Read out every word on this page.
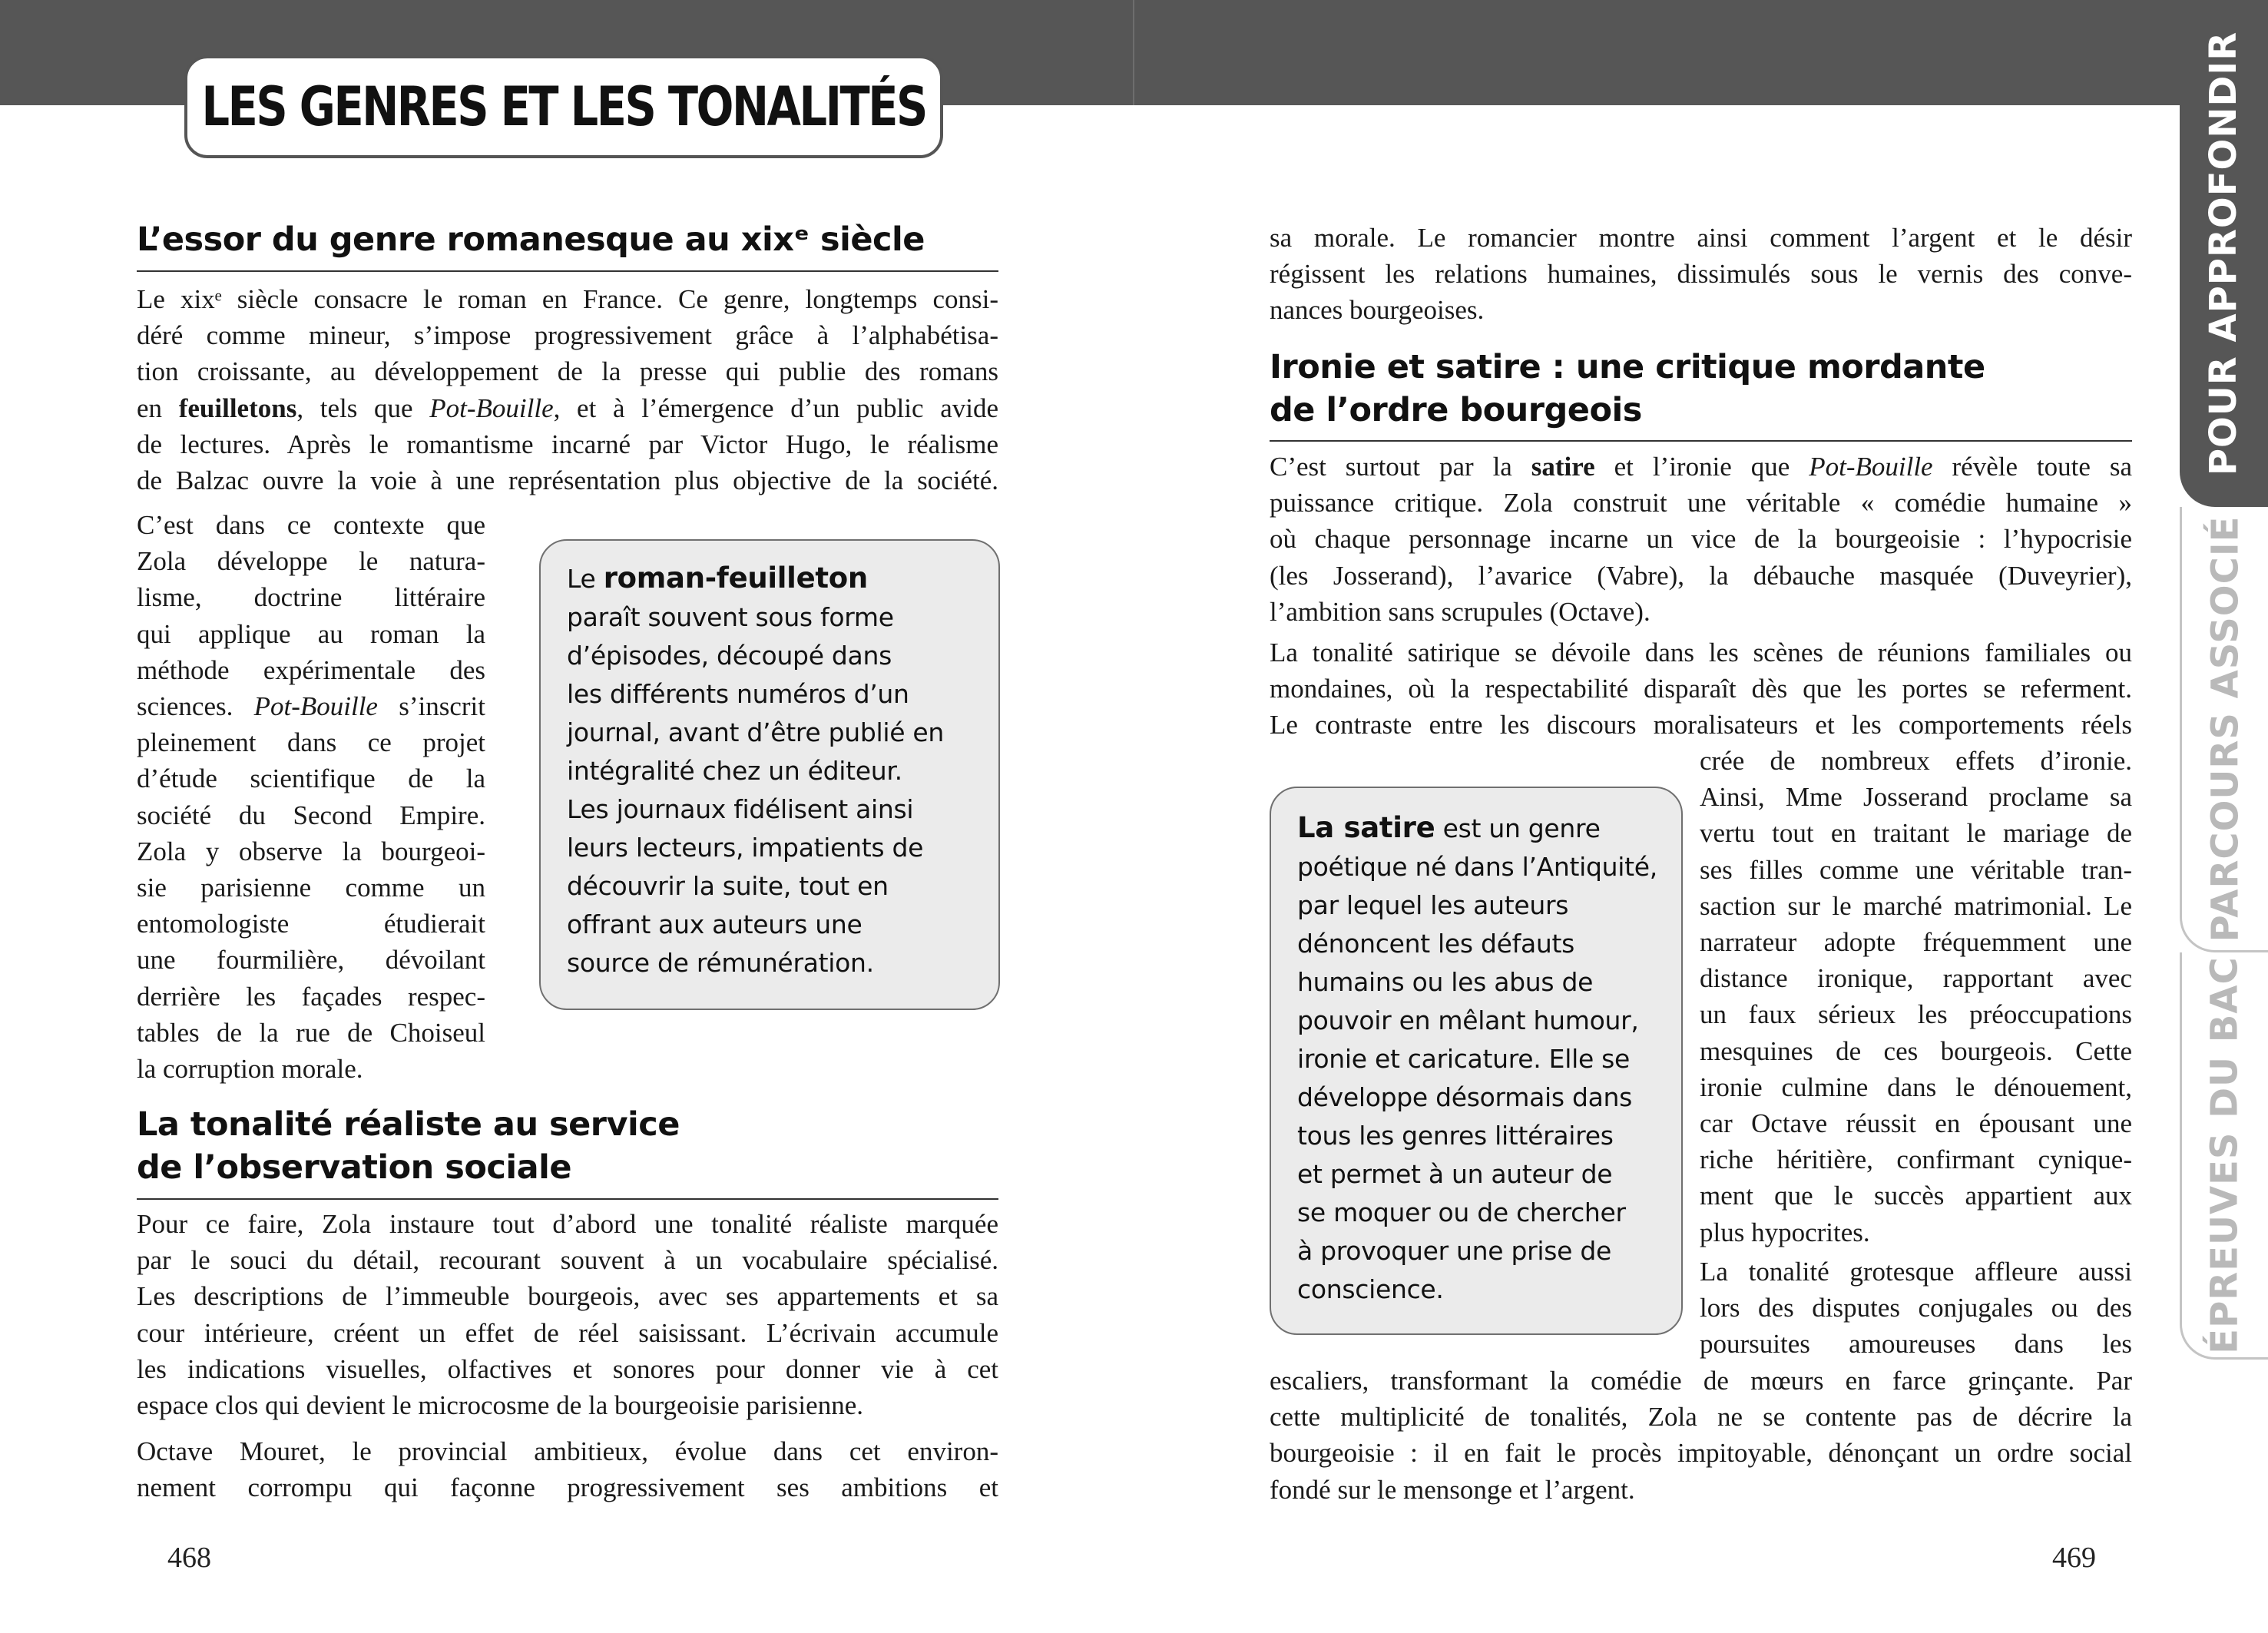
LES GENRES ET LES TONALITÉS
L’essor du genre romanesque au xixᵉ siècle
Le xixᵉ siècle consacre le roman en France. Ce genre, longtemps consi-
déré comme mineur, s’impose progressivement grâce à l’alphabétisa-
tion croissante, au développement de la presse qui publie des romans
en feuilletons, tels que Pot-Bouille, et à l’émergence d’un public avide
de lectures. Après le romantisme incarné par Victor Hugo, le réalisme
de Balzac ouvre la voie à une représentation plus objective de la société.
C’est dans ce contexte que
Zola développe le natura-
lisme, doctrine littéraire
qui applique au roman la
méthode expérimentale des
sciences. Pot-Bouille s’inscrit
pleinement dans ce projet
d’étude scientifique de la
société du Second Empire.
Zola y observe la bourgeoi-
sie parisienne comme un
entomologiste étudierait
une fourmilière, dévoilant
derrière les façades respec-
tables de la rue de Choiseul
la corruption morale.
Le roman-feuilleton
paraît souvent sous forme
d’épisodes, découpé dans
les différents numéros d’un
journal, avant d’être publié en
intégralité chez un éditeur.
Les journaux fidélisent ainsi
leurs lecteurs, impatients de
découvrir la suite, tout en
offrant aux auteurs une
source de rémunération.
La tonalité réaliste au service
de l’observation sociale
Pour ce faire, Zola instaure tout d’abord une tonalité réaliste marquée
par le souci du détail, recourant souvent à un vocabulaire spécialisé.
Les descriptions de l’immeuble bourgeois, avec ses appartements et sa
cour intérieure, créent un effet de réel saisissant. L’écrivain accumule
les indications visuelles, olfactives et sonores pour donner vie à cet
espace clos qui devient le microcosme de la bourgeoisie parisienne.
Octave Mouret, le provincial ambitieux, évolue dans cet environ-
nement corrompu qui façonne progressivement ses ambitions et
468
sa morale. Le romancier montre ainsi comment l’argent et le désir
régissent les relations humaines, dissimulés sous le vernis des conve-
nances bourgeoises.
Ironie et satire : une critique mordante
de l’ordre bourgeois
C’est surtout par la satire et l’ironie que Pot-Bouille révèle toute sa
puissance critique. Zola construit une véritable « comédie humaine »
où chaque personnage incarne un vice de la bourgeoisie : l’hypocrisie
(les Josserand), l’avarice (Vabre), la débauche masquée (Duveyrier),
l’ambition sans scrupules (Octave).
La tonalité satirique se dévoile dans les scènes de réunions familiales ou
mondaines, où la respectabilité disparaît dès que les portes se referment.
Le contraste entre les discours moralisateurs et les comportements réels
crée de nombreux effets d’ironie.
Ainsi, Mme Josserand proclame sa
vertu tout en traitant le mariage de
ses filles comme une véritable tran-
saction sur le marché matrimonial. Le
narrateur adopte fréquemment une
distance ironique, rapportant avec
un faux sérieux les préoccupations
mesquines de ces bourgeois. Cette
ironie culmine dans le dénouement,
car Octave réussit en épousant une
riche héritière, confirmant cynique-
ment que le succès appartient aux
plus hypocrites.
La tonalité grotesque affleure aussi
lors des disputes conjugales ou des
poursuites amoureuses dans les
escaliers, transformant la comédie de mœurs en farce grinçante. Par
cette multiplicité de tonalités, Zola ne se contente pas de décrire la
bourgeoisie : il en fait le procès impitoyable, dénonçant un ordre social
fondé sur le mensonge et l’argent.
La satire est un genre
poétique né dans l’Antiquité,
par lequel les auteurs
dénoncent les défauts
humains ou les abus de
pouvoir en mêlant humour,
ironie et caricature. Elle se
développe désormais dans
tous les genres littéraires
et permet à un auteur de
se moquer ou de chercher
à provoquer une prise de
conscience.
469
POUR APPROFONDIR
PARCOURS ASSOCIÉ
ÉPREUVES DU BAC
